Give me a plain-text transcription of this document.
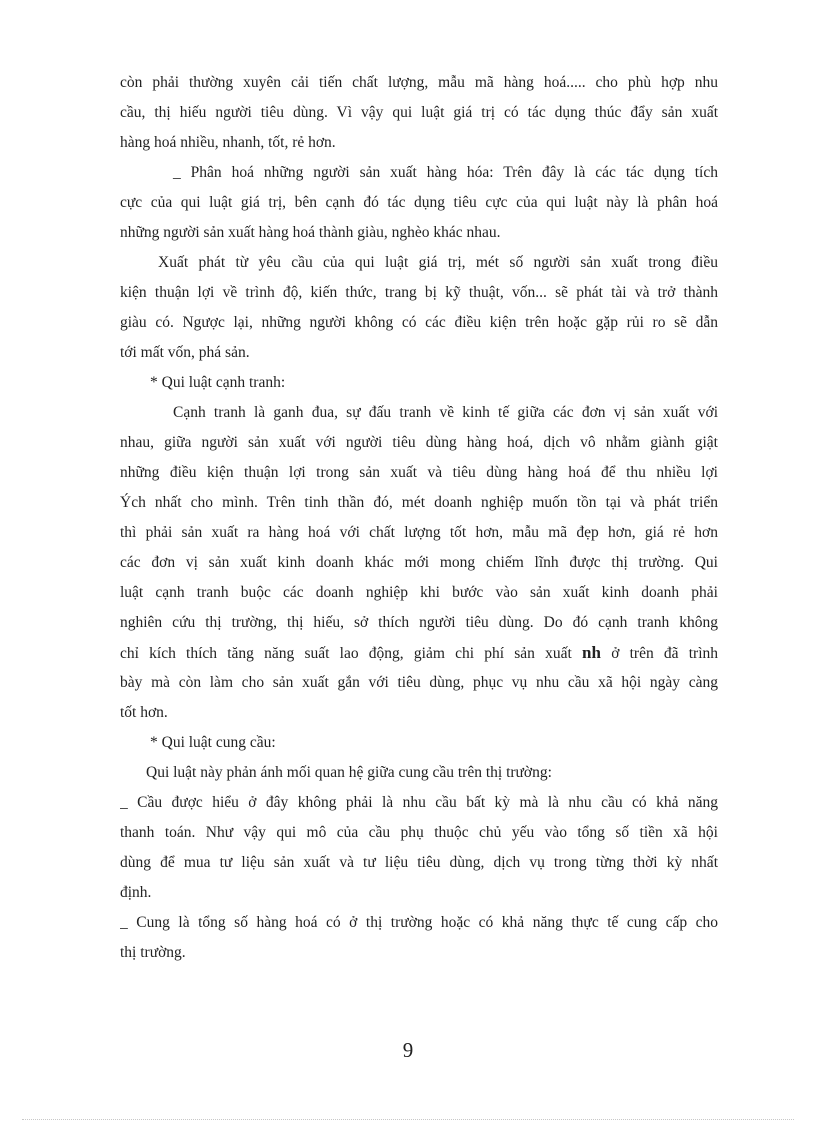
còn phải thường xuyên cải tiến chất lượng, mẫu mã hàng hoá..... cho phù hợp nhu
cầu, thị hiếu người tiêu dùng. Vì vậy qui luật giá trị có tác dụng thúc đẩy sản xuất
hàng hoá nhiều, nhanh, tốt, rẻ hơn.
_ Phân hoá những người sản xuất hàng hóa: Trên đây là các tác dụng tích
cực của qui luật giá trị, bên cạnh đó tác dụng tiêu cực của qui luật này là phân hoá
những người sản xuất hàng hoá thành giàu, nghèo khác nhau.
Xuất phát từ yêu cầu của qui luật giá trị, mét số người sản xuất trong điều
kiện thuận lợi về trình độ, kiến thức, trang bị kỹ thuật, vốn... sẽ phát tài và trở thành
giàu có. Ngược lại, những người không có các điều kiện trên hoặc gặp rủi ro sẽ dẫn
tới mất vốn, phá sản.
* Qui luật cạnh tranh:
Cạnh tranh là ganh đua, sự đấu tranh về kinh tế giữa các đơn vị sản xuất với
nhau, giữa người sản xuất với người tiêu dùng hàng hoá, dịch vô nhằm giành giật
những điều kiện thuận lợi trong sản xuất và tiêu dùng hàng hoá để thu nhiều lợi
Ých nhất cho mình. Trên tinh thần đó, mét doanh nghiệp muốn tồn tại và phát triển
thì phải sản xuất ra hàng hoá với chất lượng tốt hơn, mẫu mã đẹp hơn, giá rẻ hơn
các đơn vị sản xuất kinh doanh khác mới mong chiếm lĩnh được thị trường. Qui
luật cạnh tranh buộc các doanh nghiệp khi bước vào sản xuất kinh doanh phải
nghiên cứu thị trường, thị hiếu, sở thích người tiêu dùng. Do đó cạnh tranh không
chỉ kích thích tăng năng suất lao động, giảm chi phí sản xuất nh ở trên đã trình
bày mà còn làm cho sản xuất gắn với tiêu dùng, phục vụ nhu cầu xã hội ngày càng
tốt hơn.
* Qui luật cung cầu:
Qui luật này phản ánh mối quan hệ giữa cung cầu trên thị trường:
_ Cầu được hiểu ở đây không phải là nhu cầu bất kỳ mà là nhu cầu có khả năng
thanh toán. Như vậy qui mô của cầu phụ thuộc chủ yếu vào tổng số tiền xã hội
dùng để mua tư liệu sản xuất và tư liệu tiêu dùng, dịch vụ trong từng thời kỳ nhất
định.
_ Cung là tổng số hàng hoá có ở thị trường hoặc có khả năng thực tế cung cấp cho
thị trường.
9
